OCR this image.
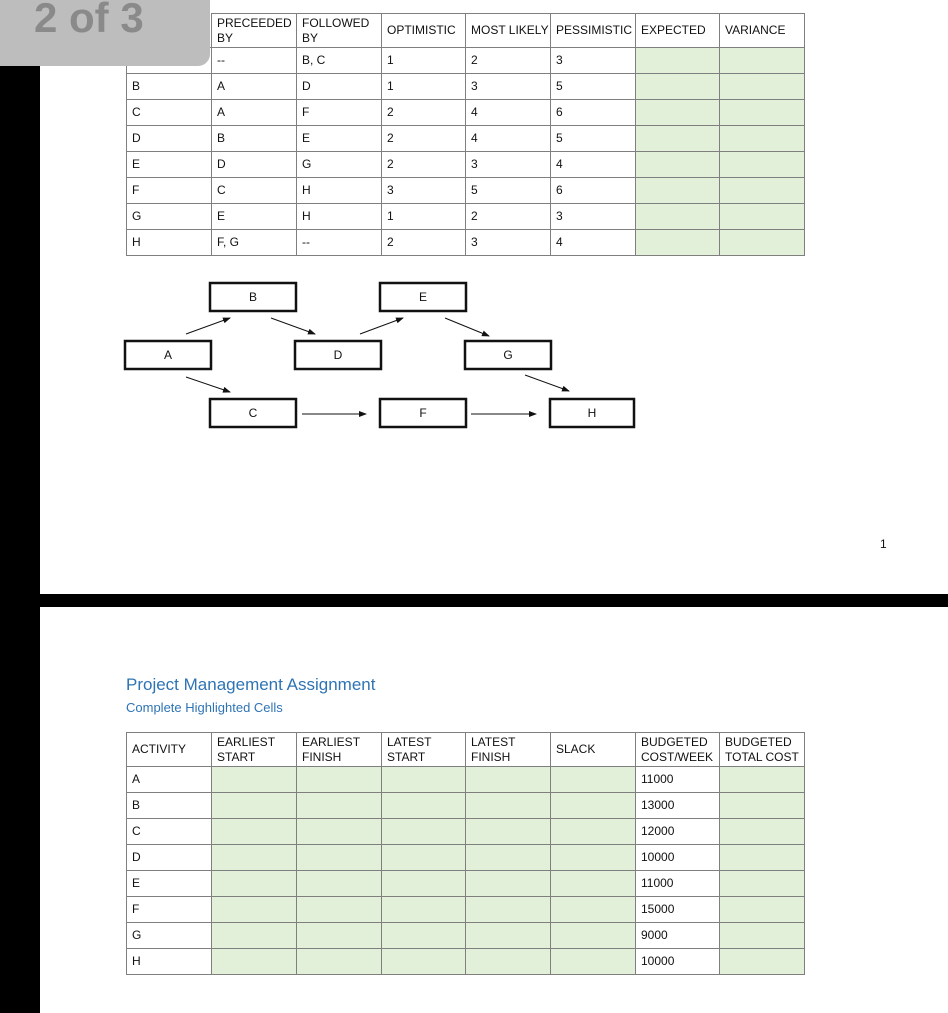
	PRECEEDED BY	FOLLOWED BY	OPTIMISTIC	MOST LIKELY	PESSIMISTIC	EXPECTED	VARIANCE
	--	B, C	1	2	3		
B	A	D	1	3	5		
C	A	F	2	4	6		
D	B	E	2	4	5		
E	D	G	2	3	4		
F	C	H	3	5	6		
G	E	H	1	2	3		
H	F, G	--	2	3	4		
A
B
C
D
E
F
G
H
1
Project Management Assignment
Complete Highlighted Cells
ACTIVITY	EARLIEST START	EARLIEST FINISH	LATEST START	LATEST FINISH	SLACK	BUDGETED COST/WEEK	BUDGETED TOTAL COST
A						11000	
B						13000	
C						12000	
D						10000	
E						11000	
F						15000	
G						9000	
H						10000	
2 of 3
